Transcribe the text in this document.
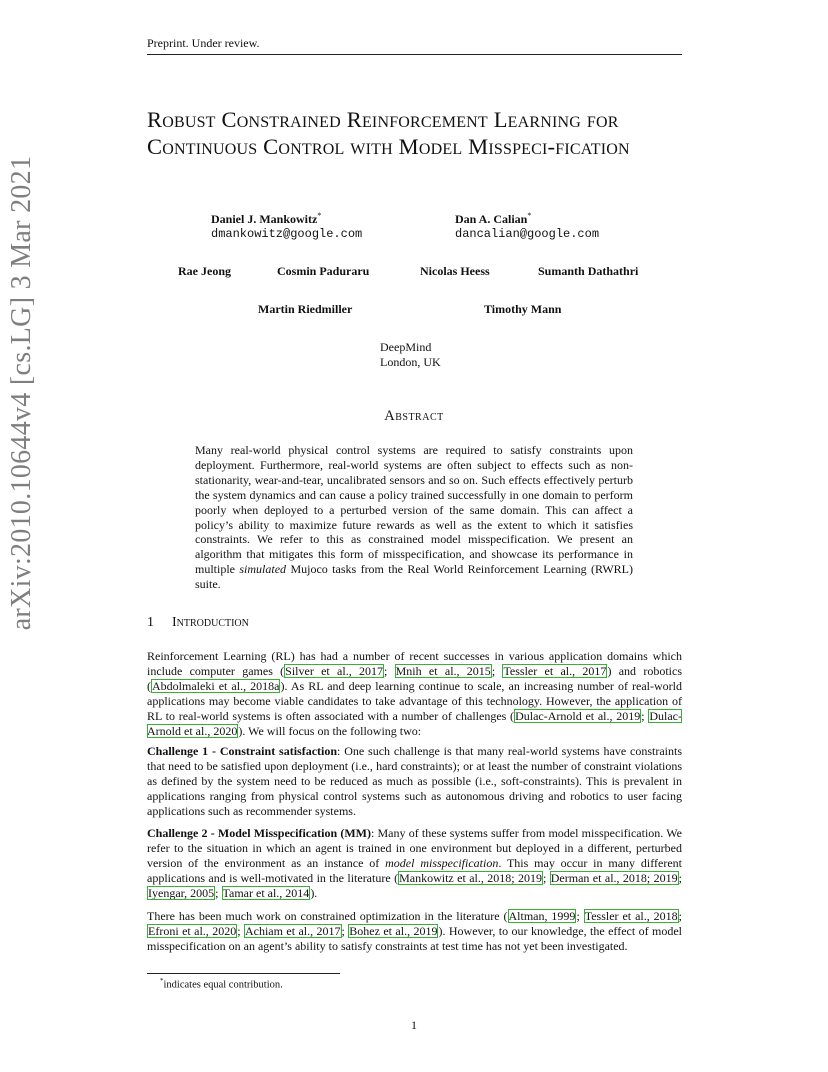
Preprint. Under review.
Robust Constrained Reinforcement Learning for Continuous Control with Model Misspeci-fication
Daniel J. Mankowitz*
dmankowitz@google.com
Dan A. Calian*
dancalian@google.com
Rae Jeong	Cosmin Paduraru	Nicolas Heess	Sumanth Dathathri
Martin Riedmiller	Timothy Mann
DeepMind
London, UK
Abstract
Many real-world physical control systems are required to satisfy constraints upon deployment. Furthermore, real-world systems are often subject to effects such as non-stationarity, wear-and-tear, uncalibrated sensors and so on. Such effects effectively perturb the system dynamics and can cause a policy trained successfully in one domain to perform poorly when deployed to a perturbed version of the same domain. This can affect a policy’s ability to maximize future rewards as well as the extent to which it satisfies constraints. We refer to this as constrained model misspecification. We present an algorithm that mitigates this form of misspecification, and showcase its performance in multiple simulated Mujoco tasks from the Real World Reinforcement Learning (RWRL) suite.
1 Introduction
Reinforcement Learning (RL) has had a number of recent successes in various application domains which include computer games (Silver et al., 2017; Mnih et al., 2015; Tessler et al., 2017) and robotics (Abdolmaleki et al., 2018a). As RL and deep learning continue to scale, an increasing number of real-world applications may become viable candidates to take advantage of this technology. However, the application of RL to real-world systems is often associated with a number of challenges (Dulac-Arnold et al., 2019; Dulac-Arnold et al., 2020). We will focus on the following two:
Challenge 1 - Constraint satisfaction: One such challenge is that many real-world systems have constraints that need to be satisfied upon deployment (i.e., hard constraints); or at least the number of constraint violations as defined by the system need to be reduced as much as possible (i.e., soft-constraints). This is prevalent in applications ranging from physical control systems such as autonomous driving and robotics to user facing applications such as recommender systems.
Challenge 2 - Model Misspecification (MM): Many of these systems suffer from model misspecification. We refer to the situation in which an agent is trained in one environment but deployed in a different, perturbed version of the environment as an instance of model misspecification. This may occur in many different applications and is well-motivated in the literature (Mankowitz et al., 2018; 2019; Derman et al., 2018; 2019; Iyengar, 2005; Tamar et al., 2014).
There has been much work on constrained optimization in the literature (Altman, 1999; Tessler et al., 2018; Efroni et al., 2020; Achiam et al., 2017; Bohez et al., 2019). However, to our knowledge, the effect of model misspecification on an agent’s ability to satisfy constraints at test time has not yet been investigated.
*indicates equal contribution.
1
arXiv:2010.10644v4 [cs.LG] 3 Mar 2021
